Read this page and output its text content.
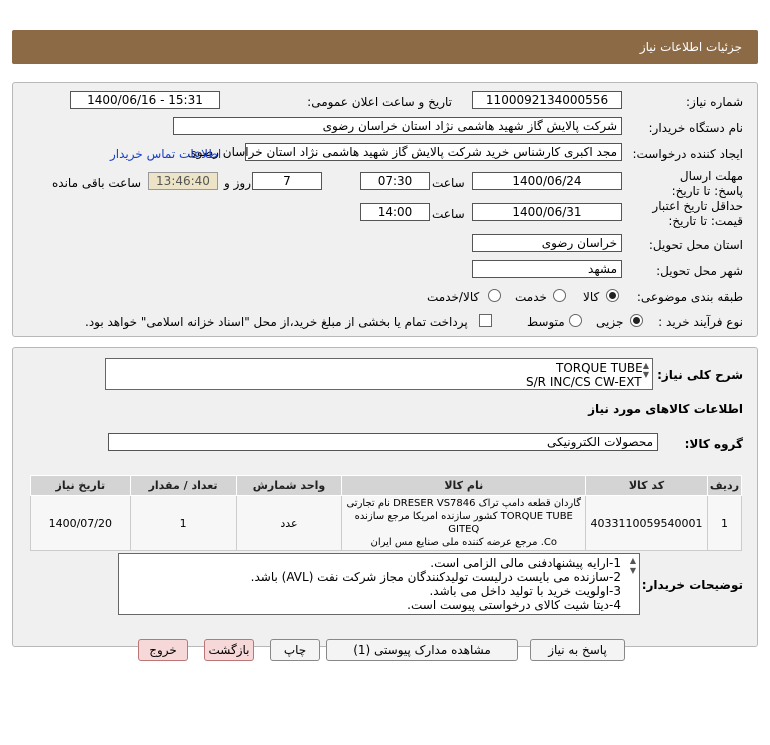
جزئیات اطلاعات نیاز
شماره نیاز:
1100092134000556
تاریخ و ساعت اعلان عمومی:
1400/06/16 - 15:31
نام دستگاه خریدار:
شرکت پالایش گاز شهید هاشمی نژاد استان خراسان رضوی
ایجاد کننده درخواست:
مجد اکبری کارشناس خرید شرکت پالایش گاز شهید هاشمی نژاد استان خراسان رضوی
اطلاعات تماس خریدار
مهلت ارسال پاسخ: تا تاریخ:
1400/06/24
ساعت
07:30
7
روز و
13:46:40
ساعت باقی مانده
حداقل تاریخ اعتبار قیمت: تا تاریخ:
1400/06/31
ساعت
14:00
استان محل تحویل:
خراسان رضوی
شهر محل تحویل:
مشهد
طبقه بندی موضوعی:
کالا
خدمت
کالا/خدمت
نوع فرآیند خرید :
جزیی
متوسط
پرداخت تمام یا بخشی از مبلغ خرید،از محل "اسناد خزانه اسلامی" خواهد بود.
شرح کلی نیاز:
TORQUE TUBE
S/R INC/CS CW-EXT
▲
▼
اطلاعات کالاهای مورد نیاز
گروه کالا:
محصولات الکترونیکی
ردیف	کد کالا	نام کالا	واحد شمارش	تعداد / مقدار	تاریخ نیاز
1	4033110059540001	گاردان قطعه دامپ تراک DRESER VS7846 نام تجارتی
TORQUE TUBE کشور سازنده امریکا مرجع سازنده GITEQ
Co. مرجع عرضه کننده ملی صنایع مس ایران	عدد	1	1400/07/20
توضیحات خریدار:
1-ارایه پیشنهادفنی مالی الزامی است.
2-سازنده می بایست درلیست تولیدکنندگان مجاز شرکت نفت (AVL) باشد.
3-اولویت خرید با تولید داخل می باشد.
4-دیتا شیت کالای درخواستی پیوست است.
▲
▼
پاسخ به نیاز
مشاهده مدارک پیوستی (1)
چاپ
بازگشت
خروج
